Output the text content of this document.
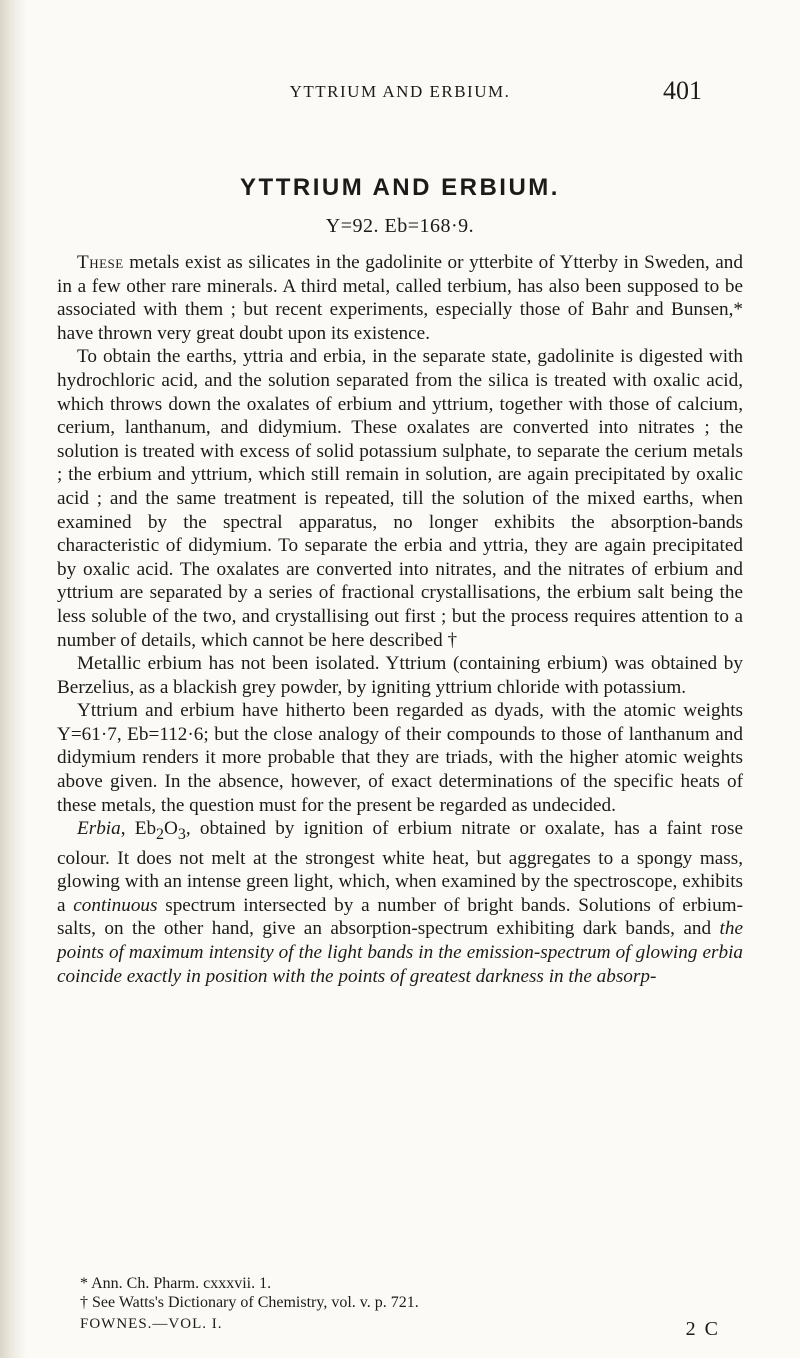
YTTRIUM AND ERBIUM.	401
YTTRIUM AND ERBIUM.
Y=92. Eb=168·9.

These metals exist as silicates in the gadolinite or ytterbite of Ytterby in Sweden, and in a few other rare minerals. A third metal, called terbium, has also been supposed to be associated with them ; but recent experiments, especially those of Bahr and Bunsen,* have thrown very great doubt upon its existence.

To obtain the earths, yttria and erbia, in the separate state, gadolinite is digested with hydrochloric acid, and the solution separated from the silica is treated with oxalic acid, which throws down the oxalates of erbium and yttrium, together with those of calcium, cerium, lanthanum, and didymium. These oxalates are converted into nitrates ; the solution is treated with excess of solid potassium sulphate, to separate the cerium metals ; the erbium and yttrium, which still remain in solution, are again precipitated by oxalic acid ; and the same treatment is repeated, till the solution of the mixed earths, when examined by the spectral apparatus, no longer exhibits the absorption-bands characteristic of didymium. To separate the erbia and yttria, they are again precipitated by oxalic acid. The oxalates are converted into nitrates, and the nitrates of erbium and yttrium are separated by a series of fractional crystallisations, the erbium salt being the less soluble of the two, and crystallising out first ; but the process requires attention to a number of details, which cannot be here described †

Metallic erbium has not been isolated. Yttrium (containing erbium) was obtained by Berzelius, as a blackish grey powder, by igniting yttrium chloride with potassium.

Yttrium and erbium have hitherto been regarded as dyads, with the atomic weights Y=61·7, Eb=112·6; but the close analogy of their compounds to those of lanthanum and didymium renders it more probable that they are triads, with the higher atomic weights above given. In the absence, however, of exact determinations of the specific heats of these metals, the question must for the present be regarded as undecided.

Erbia, $Eb_2O_3$, obtained by ignition of erbium nitrate or oxalate, has a faint rose colour. It does not melt at the strongest white heat, but aggregates to a spongy mass, glowing with an intense green light, which, when examined by the spectroscope, exhibits a continuous spectrum intersected by a number of bright bands. Solutions of erbium-salts, on the other hand, give an absorption-spectrum exhibiting dark bands, and the points of maximum intensity of the light bands in the emission-spectrum of glowing erbia coincide exactly in position with the points of greatest darkness in the absorp-

* Ann. Ch. Pharm. cxxxvii. 1.
† See Watts's Dictionary of Chemistry, vol. v. p. 721.
FOWNES.—VOL. I.	2 C
